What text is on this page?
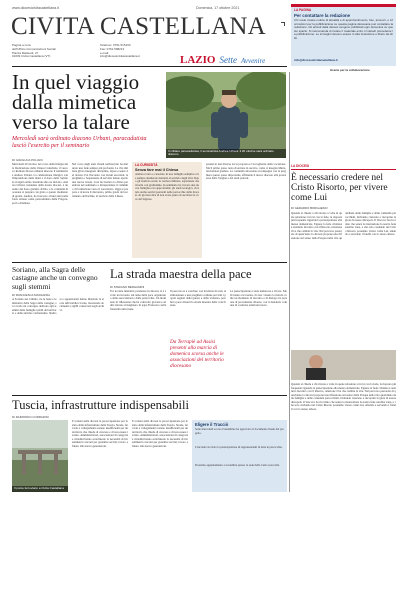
www.diocesicivitacastellana.it	Domenica, 17 ottobre 2021
CIVITA CASTELLANA
Pagina a cura
dell'Ufficio Comunicazioni Sociali
Piazza Matteotti, 27
01033 Civita Castellana (VT)
Telefono: 0761.515163
Fax: 0761.598213
e-mail:
info@diocesicivitacastellana.it	LAZIO Sette Avvenire
LA PAGINA
Per contattare la redazione
Chi vuole inviare notizie di attualità e di approfondimento, foto, annunci, o informazioni per la pubblicazione su questa pagina diocesana può contattare la redazione. Gli articoli della diocesi vengono pubblicati ogni domenica su questo spazio. Si raccomanda di inviare il materiale entro il martedì precedente la pubblicazione. Le immagini devono essere in alta risoluzione e libere da diritti.
info@diocesicivitacastellana.it
Grazie per la collaborazione
In quel viaggio
dalla mimetica
verso la talare
Mercoledì sarà ordinato diacono Urbani, paracadutista lasciò l'esercito per il seminario
Il militare paracadutista, il seminarista Andrea Urbani: il 20 ottobre sarà ordinato diacono
DI GIANLUCA POLIANI
Mercoledì 20 ottobre, nel corso della liturgia della Dedicazione della Chiesa Cattedrale, il vescovo Romano Rossi ordinerà diacono il seminarista Andrea Urbani. La celebrazione liturgica con l'imposizione delle mani e il dono dello Spirito si svolgerà nella cattedrale alle ore diciotto. Andrea Urbani, trentenne della nostra diocesi, è un uomo dal dono gratuito di Dio, e la comunità diocesana si prepara con gioia a questo momento di grazia. Andrea, ha trascorso alcuni anni nelle forze armate come paracadutista della Folgore, poi la chiamata.
Nel corso degli anni vissuti nell'esercito ha maturato una fede sempre più profonda. La vita militare gli ha insegnato disciplina, rigore e senso del dovere. Poi l'incontro con alcuni sacerdoti, la preghiera e l'esperienza di servizio hanno aperto una nuova strada. Così ha lasciato la divisa per entrare nel seminario e intraprendere il cammino di formazione verso il sacerdozio. Oggi si prepara a ricevere il diaconato, primo grado del sacramento dell'ordine, al servizio della Chiesa.
LA CURIOSITÀ
Senza fare mai il Chiesa
Andrea è nato e cresciuto in una famiglia semplice e ha sempre desiderato mettersi al servizio degli altri. Dopo gli studi ha scelto la carriera militare, esperienza che ricorda con gratitudine. In seminario ha trovato una nuova famiglia e ha approfondito gli studi teologici, vivendo anche servizi pastorali nelle parrocchie della diocesi. Ai giovani dice di non avere paura di ascoltare la voce del Signore.
passati in fasi diverse tra la proposta e l'accoglienza della vocazione. Ma il primo passo resta di entrare in ascolto, come ci insegna Maria, lasciandosi guidare. La comunità diocesana accompagna con la preghiera questo passo importante, affidando il nuovo diacono alla protezione della Vergine e dei santi patroni.
LA DIOCESI
È necessario credere nel Cristo Risorto, per vivere come Lui
DI GERARDO BORGHESIO
Quando si chiede a chi ritorna a volte in quale relazione si trovi con la fede, la risposta più frequente riguarda la partecipazione alla messa domenicale. Eppure la fede cristiana è anzitutto incontro con il Risorto, relazione viva che cambia la vita. Nel percorso pastorale di quest'anno la diocesi propone una riflessione sul senso della Pasqua nella vita quotidiana delle famiglie e delle comunità parrocchiali, invitando ciascuno a riscoprire la gioia di essere discepoli. Il Vescovo ha ricordato che senza la risurrezione la nostra fede sarebbe vana, e che solo credendo nel Cristo Risorto possiamo vivere come Lui, amando e servendo i fratelli con lo stesso amore.
Quando si chiede a chi ritorna a volte in quale relazione si trovi con la fede, la risposta più frequente riguarda la partecipazione alla messa domenicale. Eppure la fede cristiana è anzitutto incontro con il Risorto, relazione viva che cambia la vita. Nel percorso pastorale di quest'anno la diocesi propone una riflessione sul senso della Pasqua nella vita quotidiana delle famiglie e delle comunità parrocchiali, invitando ciascuno a riscoprire la gioia di essere discepoli. Il Vescovo ha ricordato che senza la risurrezione la nostra fede sarebbe vana, e che solo credendo nel Cristo Risorto possiamo vivere come Lui, amando e servendo i fratelli con lo stesso amore.
Soriano, alla Sagra delle castagne anche un convegno sugli stemmi
DI FRANCESCA MASSAFRA
A Soriano nel Cimino, tra le feste e le iniziative della Sagra delle castagne, si è svolto un convegno dedicato agli stemmi delle famiglie nobili del territorio e delle antiche confraternite. Studiosi e appassionati hanno illustrato la storia dell'araldica locale, mostrando documenti e sigilli conservati negli archivi.
La strada maestra della pace
DI STEFANO BERGAMINI
Tra le tante iniziative promosse in diocesi, si è svolto un incontro sul tema della pace organizzato dalle associazioni e dalle parrocchie. Un momento di riflessione che ha coinvolto giovani e adulti attorno al magistero di papa Francesco sulla fraternità universale.
Il percorso si è concluso con la lettura di testi, testimonianze e una preghiera comune per tutti i popoli segnati dalla guerra e dalla violenza, perché la pace diventi la strada maestra della convivenza.
Da Terrapiè ad Assisi presenti alla marcia di domenica scorsa anche le associazioni del territorio diocesano
La partecipazione è stata numerosa e vivace. Molti hanno raccontato di aver vissuto la marcia come un momento di incontro e di dialogo tra persone di provenienze diverse, con il desiderio comune di costruire relazioni nuove.
Tuscia, infrastrutture indispensabili
DI RAIMONDO CORRADINI
Il ponte ferroviario a Civita Castellana
È tornata nella diocesi la preoccupazione per lo stato delle infrastrutture della Tuscia. Strade, ferrovie e collegamenti restano insufficienti per un territorio che chiede di crescere e di non essere isolato. Amministratori, associazioni di categoria e cittadini hanno sottolineato la necessità di investimenti concreti per garantire servizi, lavoro e futuro alle nuove generazioni.
È tornata nella diocesi la preoccupazione per lo stato delle infrastrutture della Tuscia. Strade, ferrovie e collegamenti restano insufficienti per un territorio che chiede di crescere e di non essere isolato. Amministratori, associazioni di categoria e cittadini hanno sottolineato la necessità di investimenti concreti per garantire servizi, lavoro e futuro alle nuove generazioni.
Eligere il Tracciò
Sette mercoledì scorso l'assemblea ha approvato il documento finale del progetto.
L'incontro ha visto la partecipazione di rappresentanti di tutte le parrocchie.
Prossimo appuntamento a novembre presso la sede della Curia vescovile.
